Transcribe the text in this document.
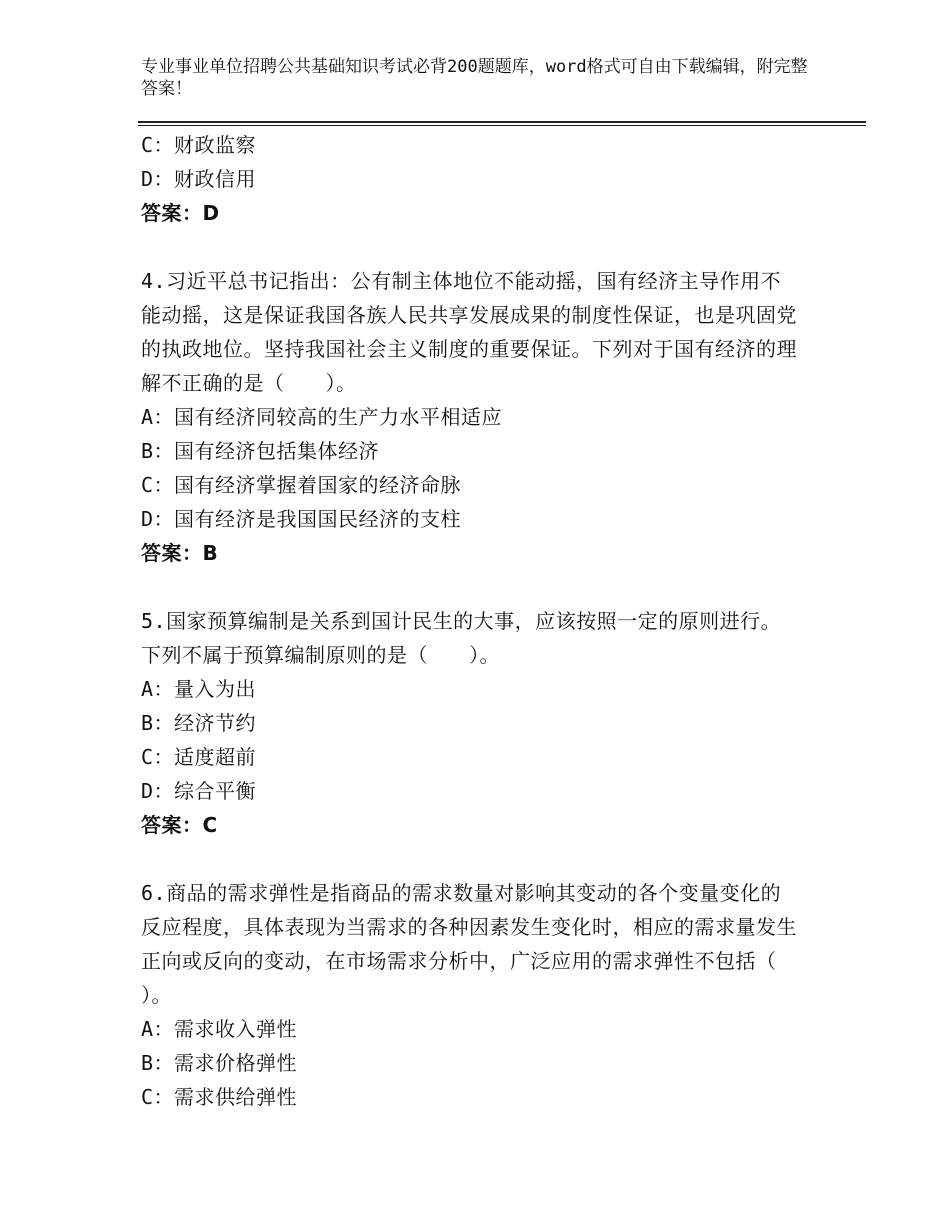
专业事业单位招聘公共基础知识考试必背200题题库，word格式可自由下载编辑，附完整答案！
C：财政监察
D：财政信用
答案：D
4.习近平总书记指出：公有制主体地位不能动摇，国有经济主导作用不能动摇，这是保证我国各族人民共享发展成果的制度性保证，也是巩固党的执政地位。坚持我国社会主义制度的重要保证。下列对于国有经济的理解不正确的是（　　）。
A：国有经济同较高的生产力水平相适应
B：国有经济包括集体经济
C：国有经济掌握着国家的经济命脉
D：国有经济是我国国民经济的支柱
答案：B
5.国家预算编制是关系到国计民生的大事，应该按照一定的原则进行。下列不属于预算编制原则的是（　　）。
A：量入为出
B：经济节约
C：适度超前
D：综合平衡
答案：C
6.商品的需求弹性是指商品的需求数量对影响其变动的各个变量变化的反应程度，具体表现为当需求的各种因素发生变化时，相应的需求量发生正向或反向的变动，在市场需求分析中，广泛应用的需求弹性不包括（ ）。
A：需求收入弹性
B：需求价格弹性
C：需求供给弹性
